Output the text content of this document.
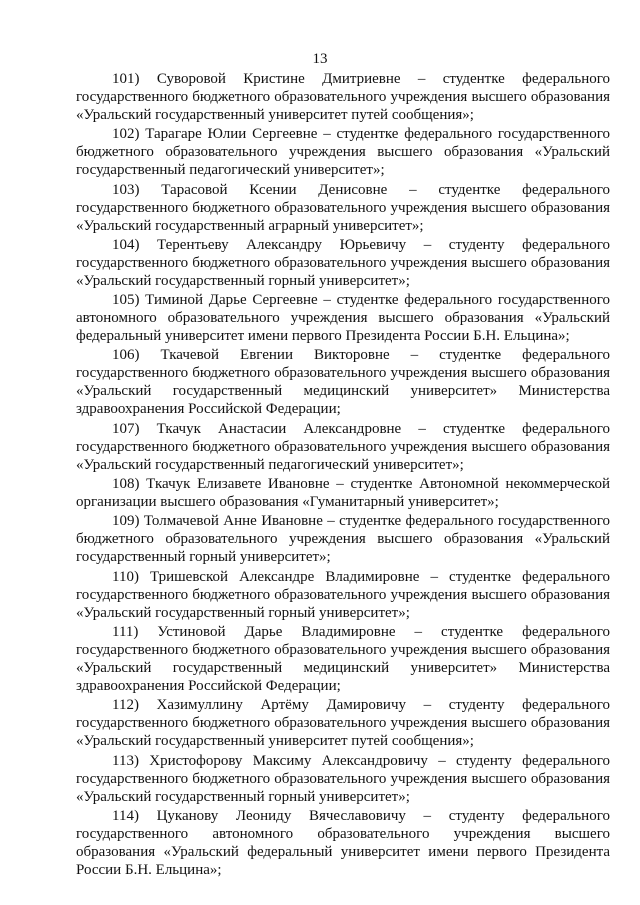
13

101) Суворовой Кристине Дмитриевне – студентке федерального государственного бюджетного образовательного учреждения высшего образования «Уральский государственный университет путей сообщения»;

102) Тарагаре Юлии Сергеевне – студентке федерального государственного бюджетного образовательного учреждения высшего образования «Уральский государственный педагогический университет»;

103) Тарасовой Ксении Денисовне – студентке федерального государственного бюджетного образовательного учреждения высшего образования «Уральский государственный аграрный университет»;

104) Терентьеву Александру Юрьевичу – студенту федерального государственного бюджетного образовательного учреждения высшего образования «Уральский государственный горный университет»;

105) Тиминой Дарье Сергеевне – студентке федерального государственного автономного образовательного учреждения высшего образования «Уральский федеральный университет имени первого Президента России Б.Н. Ельцина»;

106) Ткачевой Евгении Викторовне – студентке федерального государственного бюджетного образовательного учреждения высшего образования «Уральский государственный медицинский университет» Министерства здравоохранения Российской Федерации;

107) Ткачук Анастасии Александровне – студентке федерального государственного бюджетного образовательного учреждения высшего образования «Уральский государственный педагогический университет»;

108) Ткачук Елизавете Ивановне – студентке Автономной некоммерческой организации высшего образования «Гуманитарный университет»;

109) Толмачевой Анне Ивановне – студентке федерального государственного бюджетного образовательного учреждения высшего образования «Уральский государственный горный университет»;

110) Тришевской Александре Владимировне – студентке федерального государственного бюджетного образовательного учреждения высшего образования «Уральский государственный горный университет»;

111) Устиновой Дарье Владимировне – студентке федерального государственного бюджетного образовательного учреждения высшего образования «Уральский государственный медицинский университет» Министерства здравоохранения Российской Федерации;

112) Хазимуллину Артёму Дамировичу – студенту федерального государственного бюджетного образовательного учреждения высшего образования «Уральский государственный университет путей сообщения»;

113) Христофорову Максиму Александровичу – студенту федерального государственного бюджетного образовательного учреждения высшего образования «Уральский государственный горный университет»;

114) Цуканову Леониду Вячеславовичу – студенту федерального государственного автономного образовательного учреждения высшего образования «Уральский федеральный университет имени первого Президента России Б.Н. Ельцина»;
